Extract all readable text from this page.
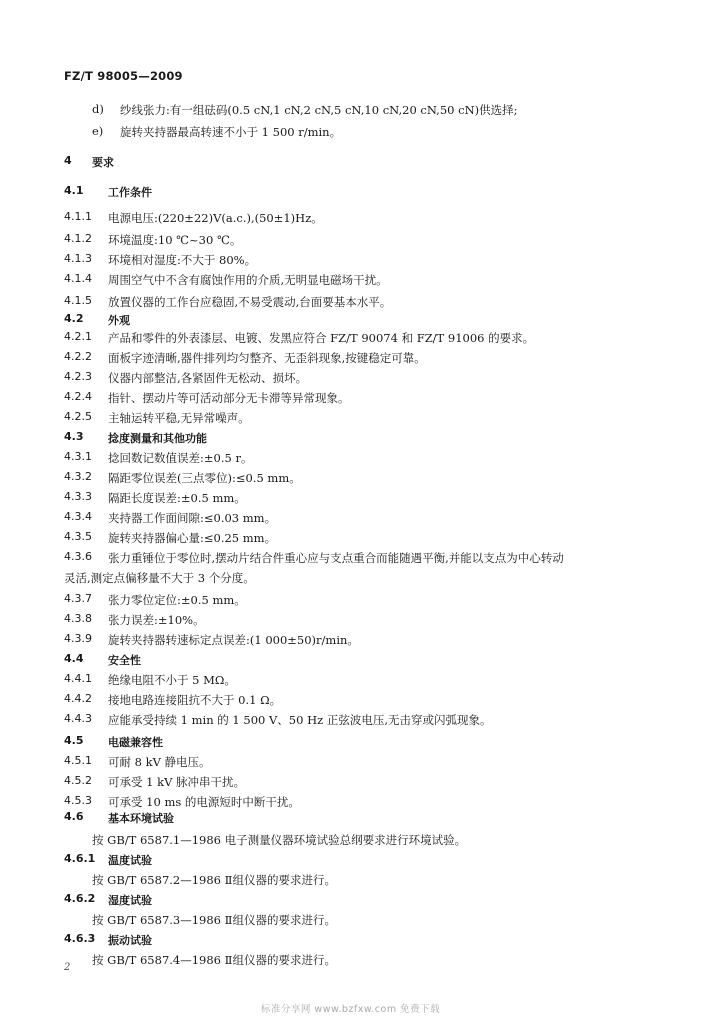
FZ/T 98005—2009
d) 纱线张力:有一组砝码(0.5 cN,1 cN,2 cN,5 cN,10 cN,20 cN,50 cN)供选择;
e) 旋转夹持器最高转速不小于 1 500 r/min。
4 要求
4.1 工作条件
4.1.1 电源电压:(220±22)V(a.c.),(50±1)Hz。
4.1.2 环境温度:10 ℃~30 ℃。
4.1.3 环境相对湿度:不大于 80%。
4.1.4 周围空气中不含有腐蚀作用的介质,无明显电磁场干扰。
4.1.5 放置仪器的工作台应稳固,不易受震动,台面要基本水平。
4.2 外观
4.2.1 产品和零件的外表漆层、电镀、发黑应符合 FZ/T 90074 和 FZ/T 91006 的要求。
4.2.2 面板字迹清晰,器件排列均匀整齐、无歪斜现象,按键稳定可靠。
4.2.3 仪器内部整洁,各紧固件无松动、损坏。
4.2.4 指针、摆动片等可活动部分无卡滞等异常现象。
4.2.5 主轴运转平稳,无异常噪声。
4.3 捻度测量和其他功能
4.3.1 捻回数记数值误差:±0.5 r。
4.3.2 隔距零位误差(三点零位):≤0.5 mm。
4.3.3 隔距长度误差:±0.5 mm。
4.3.4 夹持器工作面间隙:≤0.03 mm。
4.3.5 旋转夹持器偏心量:≤0.25 mm。
4.3.6 张力重锤位于零位时,摆动片结合件重心应与支点重合而能随遇平衡,并能以支点为中心转动
灵活,测定点偏移量不大于 3 个分度。
4.3.7 张力零位定位:±0.5 mm。
4.3.8 张力误差:±10%。
4.3.9 旋转夹持器转速标定点误差:(1 000±50)r/min。
4.4 安全性
4.4.1 绝缘电阻不小于 5 MΩ。
4.4.2 接地电路连接阻抗不大于 0.1 Ω。
4.4.3 应能承受持续 1 min 的 1 500 V、50 Hz 正弦波电压,无击穿或闪弧现象。
4.5 电磁兼容性
4.5.1 可耐 8 kV 静电压。
4.5.2 可承受 1 kV 脉冲串干扰。
4.5.3 可承受 10 ms 的电源短时中断干扰。
4.6 基本环境试验
按 GB/T 6587.1—1986 电子测量仪器环境试验总纲要求进行环境试验。
4.6.1 温度试验
按 GB/T 6587.2—1986 Ⅱ组仪器的要求进行。
4.6.2 湿度试验
按 GB/T 6587.3—1986 Ⅱ组仪器的要求进行。
4.6.3 振动试验
按 GB/T 6587.4—1986 Ⅱ组仪器的要求进行。
2
标准分享网 www.bzfxw.com 免费下载
